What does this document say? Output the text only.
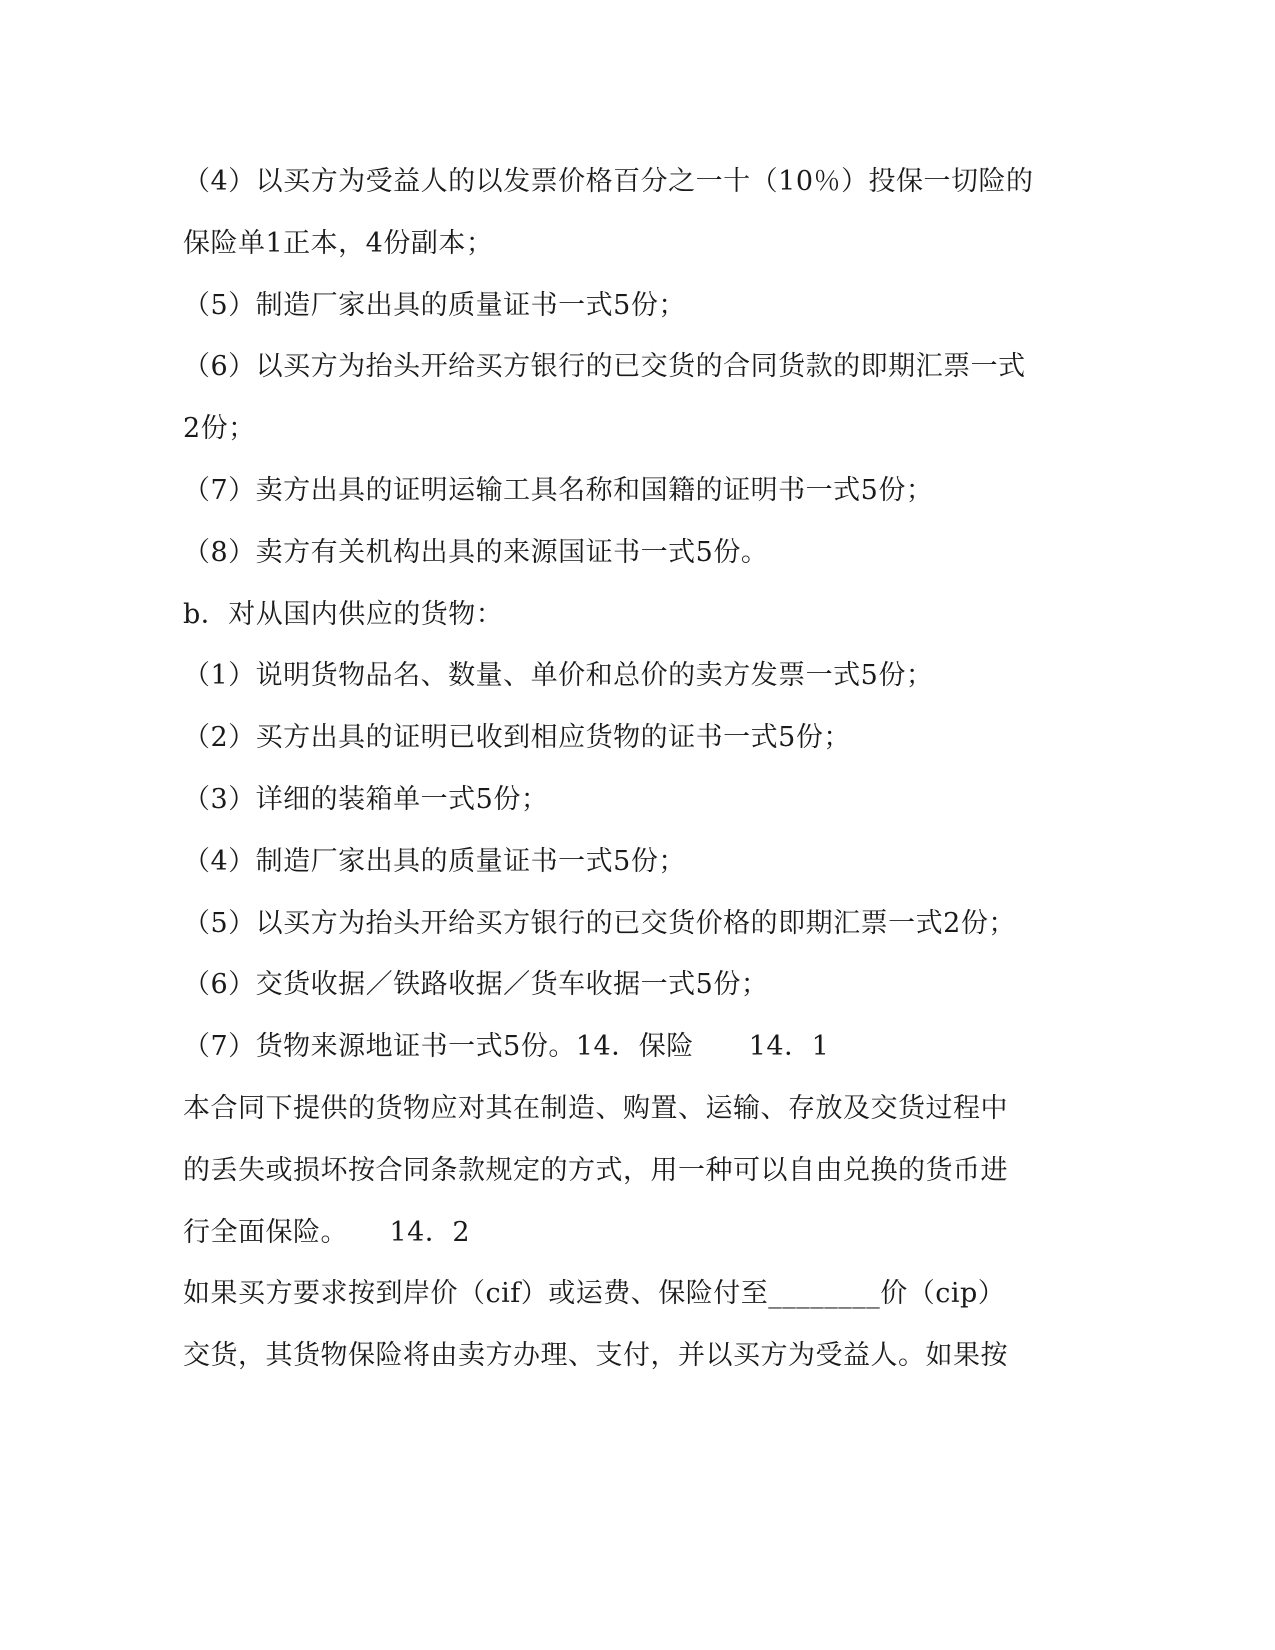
（4）以买方为受益人的以发票价格百分之一十（10％）投保一切险的
保险单1正本，4份副本；
（5）制造厂家出具的质量证书一式5份；
（6）以买方为抬头开给买方银行的已交货的合同货款的即期汇票一式
2份；
（7）卖方出具的证明运输工具名称和国籍的证明书一式5份；
（8）卖方有关机构出具的来源国证书一式5份。
b．对从国内供应的货物：
（1）说明货物品名、数量、单价和总价的卖方发票一式5份；
（2）买方出具的证明已收到相应货物的证书一式5份；
（3）详细的装箱单一式5份；
（4）制造厂家出具的质量证书一式5份；
（5）以买方为抬头开给买方银行的已交货价格的即期汇票一式2份；
（6）交货收据／铁路收据／货车收据一式5份；
（7）货物来源地证书一式5份。14．保险　　14．1
本合同下提供的货物应对其在制造、购置、运输、存放及交货过程中
的丢失或损坏按合同条款规定的方式，用一种可以自由兑换的货币进
行全面保险。　　14．2
如果买方要求按到岸价（cif）或运费、保险付至________价（cip）
交货，其货物保险将由卖方办理、支付，并以买方为受益人。如果按
